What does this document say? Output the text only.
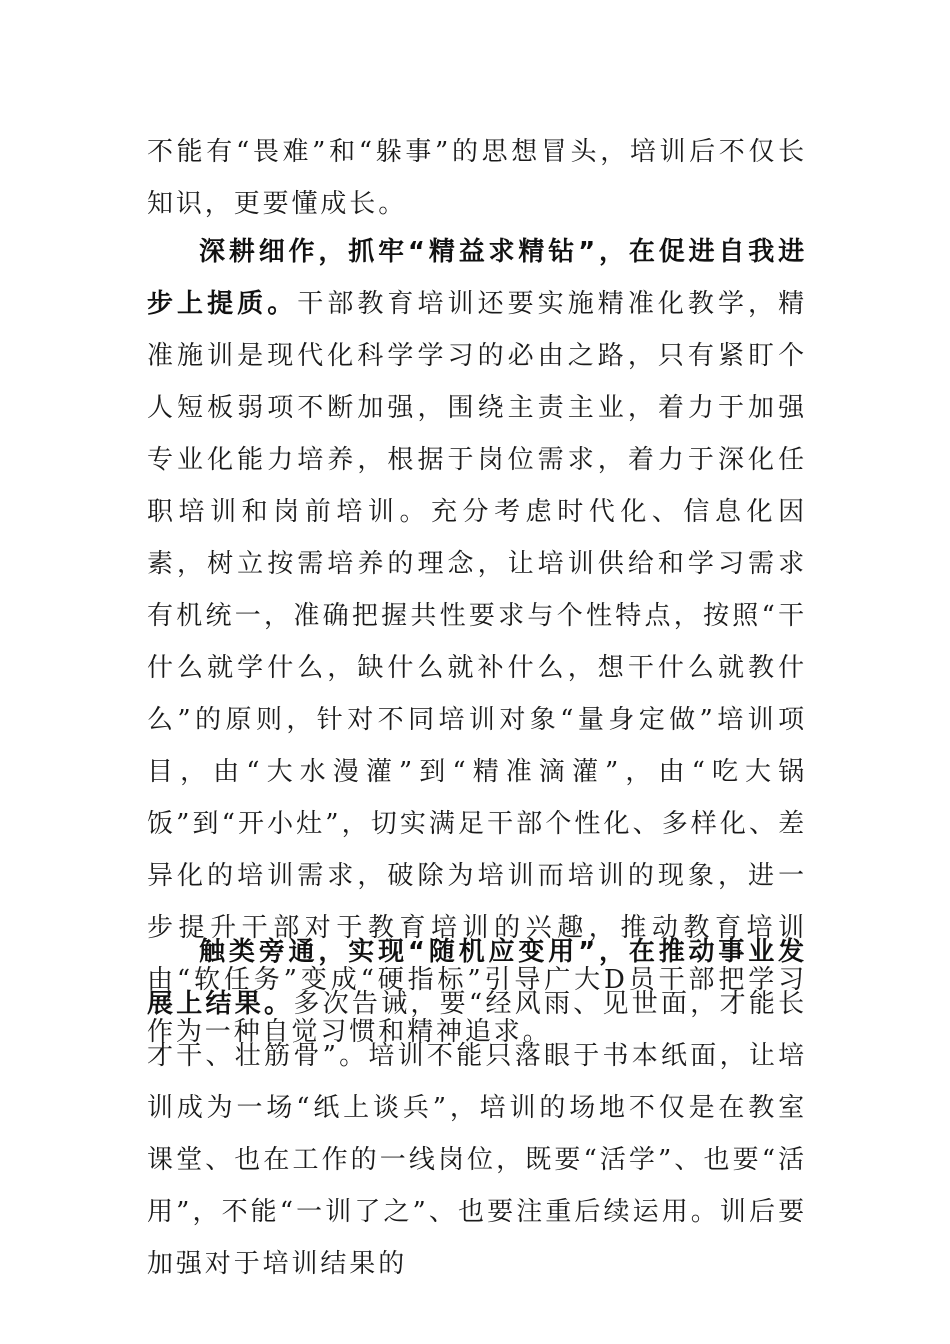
不能有“畏难”和“躲事”的思想冒头，培训后不仅长知识，更要懂成长。

深耕细作，抓牢“精益求精钻”，在促进自我进步上提质。干部教育培训还要实施精准化教学，精准施训是现代化科学学习的必由之路，只有紧盯个人短板弱项不断加强，围绕主责主业，着力于加强专业化能力培养，根据于岗位需求，着力于深化任职培训和岗前培训。充分考虑时代化、信息化因素，树立按需培养的理念，让培训供给和学习需求有机统一，准确把握共性要求与个性特点，按照“干什么就学什么，缺什么就补什么，想干什么就教什么”的原则，针对不同培训对象“量身定做”培训项目，由“大水漫灌”到“精准滴灌”，由“吃大锅饭”到“开小灶”，切实满足干部个性化、多样化、差异化的培训需求，破除为培训而培训的现象，进一步提升干部对于教育培训的兴趣，推动教育培训由“软任务”变成“硬指标”引导广大D员干部把学习作为一种自觉习惯和精神追求。

触类旁通，实现“随机应变用”，在推动事业发展上结果。多次告诫，要“经风雨、见世面，才能长才干、壮筋骨”。培训不能只落眼于书本纸面，让培训成为一场“纸上谈兵”，培训的场地不仅是在教室课堂、也在工作的一线岗位，既要“活学”、也要“活用”，不能“一训了之”、也要注重后续运用。训后要加强对于培训结果的
